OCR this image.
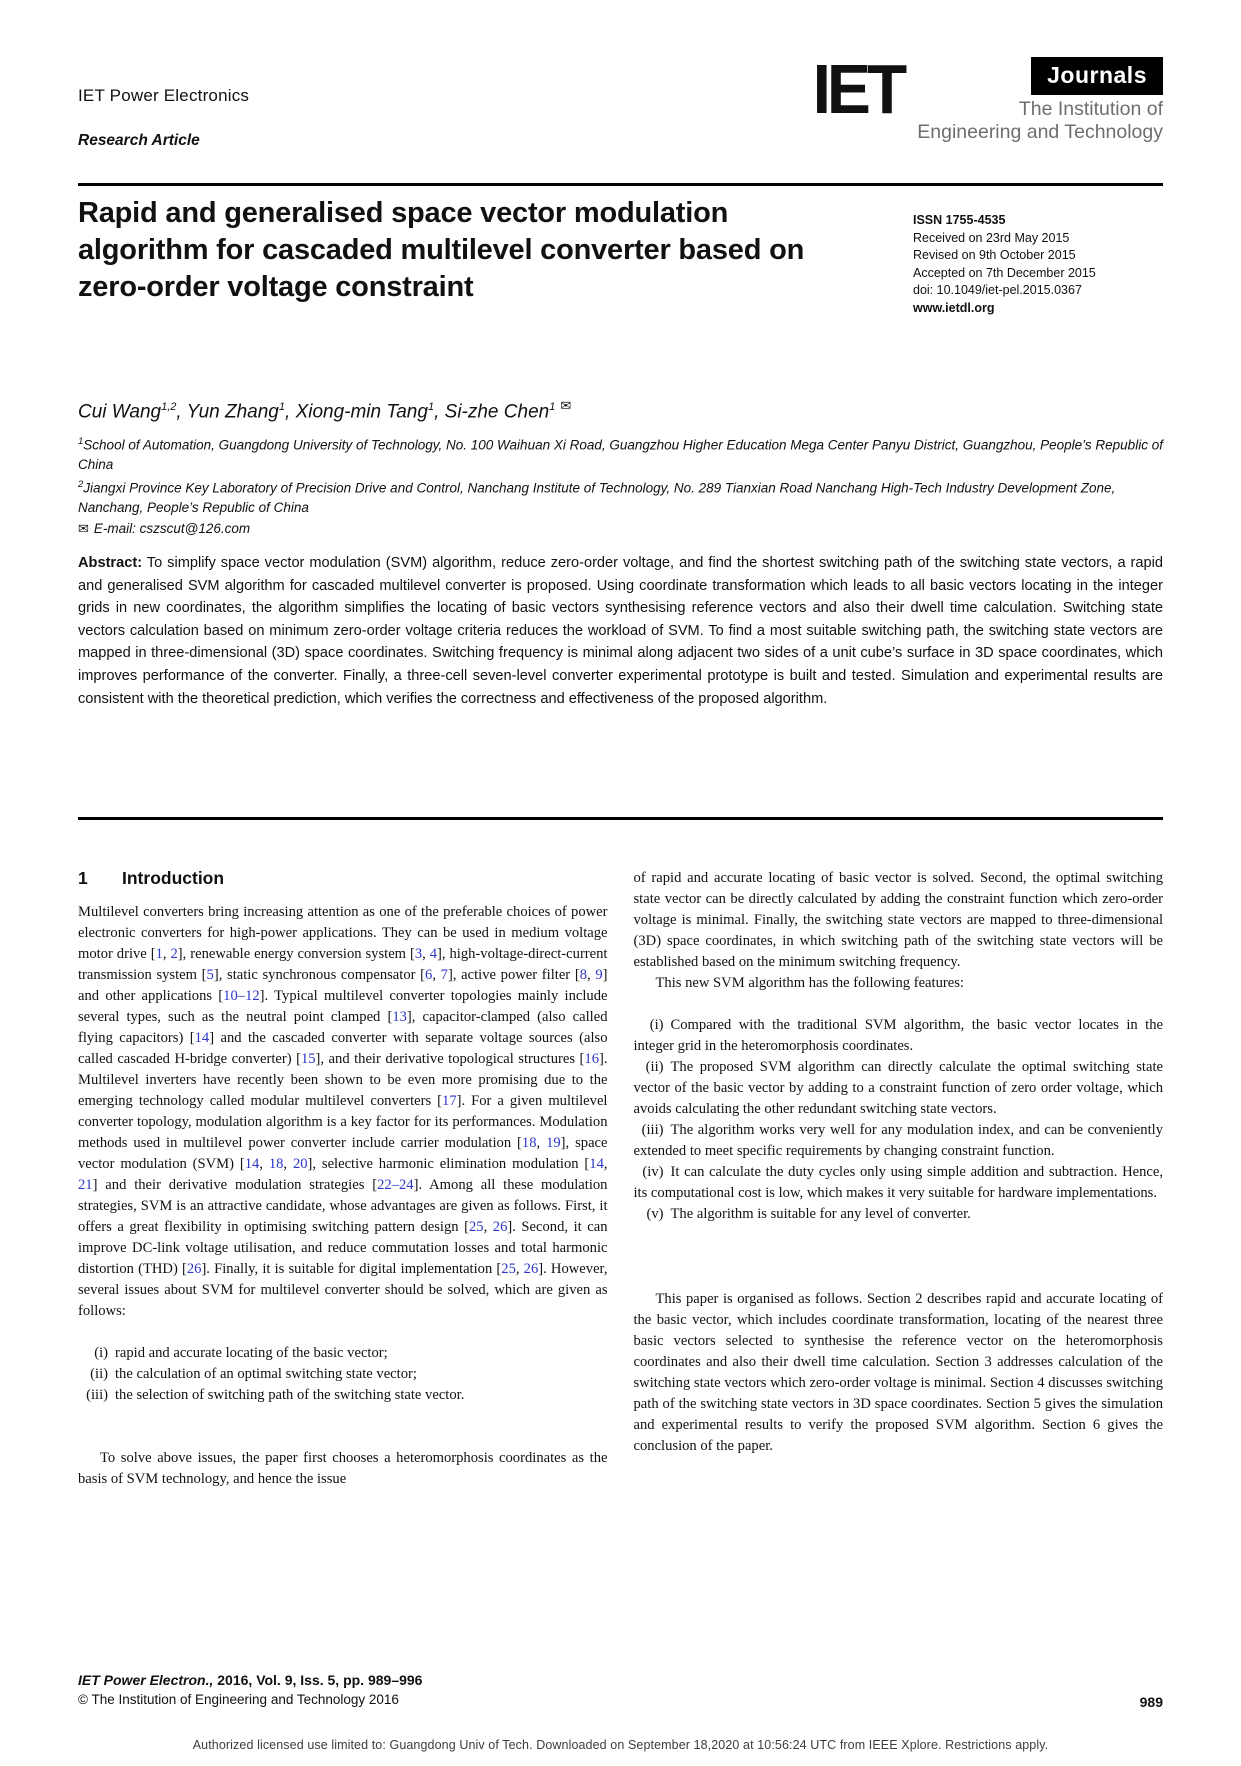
IET Power Electronics
Research Article
IET	Journals
The Institution of
Engineering and Technology
Rapid and generalised space vector modulation algorithm for cascaded multilevel converter based on zero-order voltage constraint
ISSN 1755-4535
Received on 23rd May 2015
Revised on 9th October 2015
Accepted on 7th December 2015
doi: 10.1049/iet-pel.2015.0367
www.ietdl.org
Cui Wang$^{1,2}$, Yun Zhang$^1$, Xiong-min Tang$^1$, Si-zhe Chen$^1$ ✉
$^1$School of Automation, Guangdong University of Technology, No. 100 Waihuan Xi Road, Guangzhou Higher Education Mega Center Panyu District, Guangzhou, People’s Republic of China
$^2$Jiangxi Province Key Laboratory of Precision Drive and Control, Nanchang Institute of Technology, No. 289 Tianxian Road Nanchang High-Tech Industry Development Zone, Nanchang, People’s Republic of China
✉ E-mail: cszscut@126.com
Abstract: To simplify space vector modulation (SVM) algorithm, reduce zero-order voltage, and find the shortest switching path of the switching state vectors, a rapid and generalised SVM algorithm for cascaded multilevel converter is proposed. Using coordinate transformation which leads to all basic vectors locating in the integer grids in new coordinates, the algorithm simplifies the locating of basic vectors synthesising reference vectors and also their dwell time calculation. Switching state vectors calculation based on minimum zero-order voltage criteria reduces the workload of SVM. To find a most suitable switching path, the switching state vectors are mapped in three-dimensional (3D) space coordinates. Switching frequency is minimal along adjacent two sides of a unit cube’s surface in 3D space coordinates, which improves performance of the converter. Finally, a three-cell seven-level converter experimental prototype is built and tested. Simulation and experimental results are consistent with the theoretical prediction, which verifies the correctness and effectiveness of the proposed algorithm.
1 Introduction

Multilevel converters bring increasing attention as one of the preferable choices of power electronic converters for high-power applications. They can be used in medium voltage motor drive [1, 2], renewable energy conversion system [3, 4], high-voltage-direct-current transmission system [5], static synchronous compensator [6, 7], active power filter [8, 9] and other applications [10–12]. Typical multilevel converter topologies mainly include several types, such as the neutral point clamped [13], capacitor-clamped (also called flying capacitors) [14] and the cascaded converter with separate voltage sources (also called cascaded H-bridge converter) [15], and their derivative topological structures [16]. Multilevel inverters have recently been shown to be even more promising due to the emerging technology called modular multilevel converters [17]. For a given multilevel converter topology, modulation algorithm is a key factor for its performances. Modulation methods used in multilevel power converter include carrier modulation [18, 19], space vector modulation (SVM) [14, 18, 20], selective harmonic elimination modulation [14, 21] and their derivative modulation strategies [22–24]. Among all these modulation strategies, SVM is an attractive candidate, whose advantages are given as follows. First, it offers a great flexibility in optimising switching pattern design [25, 26]. Second, it can improve DC-link voltage utilisation, and reduce commutation losses and total harmonic distortion (THD) [26]. Finally, it is suitable for digital implementation [25, 26]. However, several issues about SVM for multilevel converter should be solved, which are given as follows:

(i) rapid and accurate locating of the basic vector;

(ii) the calculation of an optimal switching state vector;

(iii) the selection of switching path of the switching state vector.

To solve above issues, the paper first chooses a heteromorphosis coordinates as the basis of SVM technology, and hence the issue

of rapid and accurate locating of basic vector is solved. Second, the optimal switching state vector can be directly calculated by adding the constraint function which zero-order voltage is minimal. Finally, the switching state vectors are mapped to three-dimensional (3D) space coordinates, in which switching path of the switching state vectors will be established based on the minimum switching frequency.

This new SVM algorithm has the following features:

(i) Compared with the traditional SVM algorithm, the basic vector locates in the integer grid in the heteromorphosis coordinates.

(ii) The proposed SVM algorithm can directly calculate the optimal switching state vector of the basic vector by adding to a constraint function of zero order voltage, which avoids calculating the other redundant switching state vectors.

(iii) The algorithm works very well for any modulation index, and can be conveniently extended to meet specific requirements by changing constraint function.

(iv) It can calculate the duty cycles only using simple addition and subtraction. Hence, its computational cost is low, which makes it very suitable for hardware implementations.

(v) The algorithm is suitable for any level of converter.

This paper is organised as follows. Section 2 describes rapid and accurate locating of the basic vector, which includes coordinate transformation, locating of the nearest three basic vectors selected to synthesise the reference vector on the heteromorphosis coordinates and also their dwell time calculation. Section 3 addresses calculation of the switching state vectors which zero-order voltage is minimal. Section 4 discusses switching path of the switching state vectors in 3D space coordinates. Section 5 gives the simulation and experimental results to verify the proposed SVM algorithm. Section 6 gives the conclusion of the paper.

IET Power Electron., 2016, Vol. 9, Iss. 5, pp. 989–996
© The Institution of Engineering and Technology 2016	989
Authorized licensed use limited to: Guangdong Univ of Tech. Downloaded on September 18,2020 at 10:56:24 UTC from IEEE Xplore. Restrictions apply.
